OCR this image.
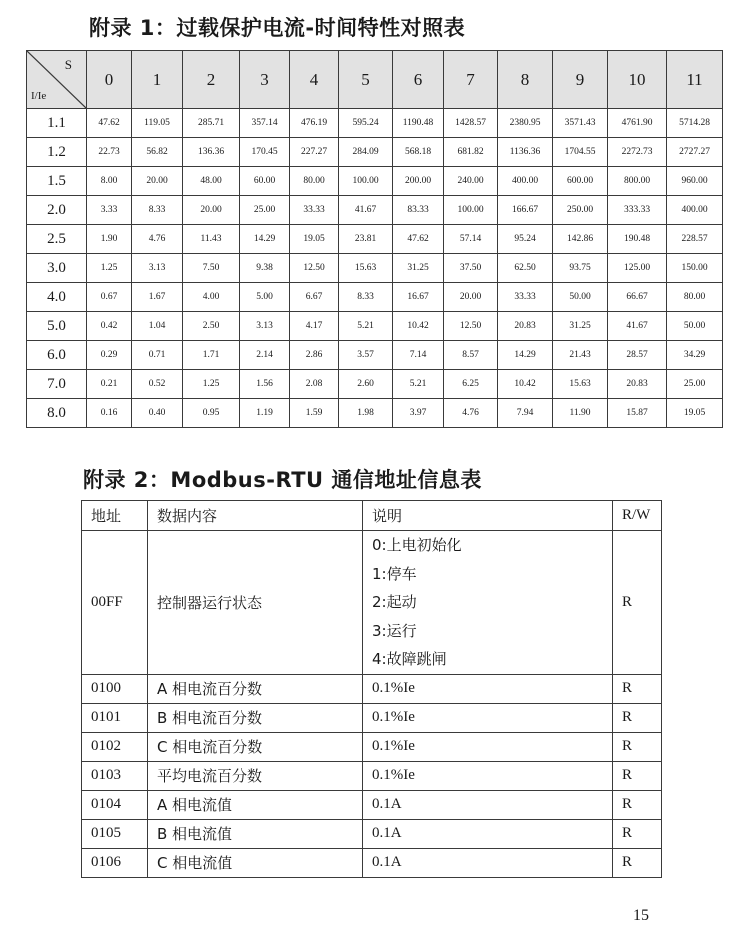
附录 1：过载保护电流-时间特性对照表
S
I/Ie	0	1	2	3	4	5	6	7	8	9	10	11
1.1	47.62	119.05	285.71	357.14	476.19	595.24	1190.48	1428.57	2380.95	3571.43	4761.90	5714.28
1.2	22.73	56.82	136.36	170.45	227.27	284.09	568.18	681.82	1136.36	1704.55	2272.73	2727.27
1.5	8.00	20.00	48.00	60.00	80.00	100.00	200.00	240.00	400.00	600.00	800.00	960.00
2.0	3.33	8.33	20.00	25.00	33.33	41.67	83.33	100.00	166.67	250.00	333.33	400.00
2.5	1.90	4.76	11.43	14.29	19.05	23.81	47.62	57.14	95.24	142.86	190.48	228.57
3.0	1.25	3.13	7.50	9.38	12.50	15.63	31.25	37.50	62.50	93.75	125.00	150.00
4.0	0.67	1.67	4.00	5.00	6.67	8.33	16.67	20.00	33.33	50.00	66.67	80.00
5.0	0.42	1.04	2.50	3.13	4.17	5.21	10.42	12.50	20.83	31.25	41.67	50.00
6.0	0.29	0.71	1.71	2.14	2.86	3.57	7.14	8.57	14.29	21.43	28.57	34.29
7.0	0.21	0.52	1.25	1.56	2.08	2.60	5.21	6.25	10.42	15.63	20.83	25.00
8.0	0.16	0.40	0.95	1.19	1.59	1.98	3.97	4.76	7.94	11.90	15.87	19.05
附录 2：Modbus-RTU 通信地址信息表
地址	数据内容	说明	R/W
00FF	控制器运行状态	0:上电初始化
1:停车
2:起动
3:运行
4:故障跳闸	R
0100	A 相电流百分数	0.1%Ie	R
0101	B 相电流百分数	0.1%Ie	R
0102	C 相电流百分数	0.1%Ie	R
0103	平均电流百分数	0.1%Ie	R
0104	A 相电流值	0.1A	R
0105	B 相电流值	0.1A	R
0106	C 相电流值	0.1A	R
15
